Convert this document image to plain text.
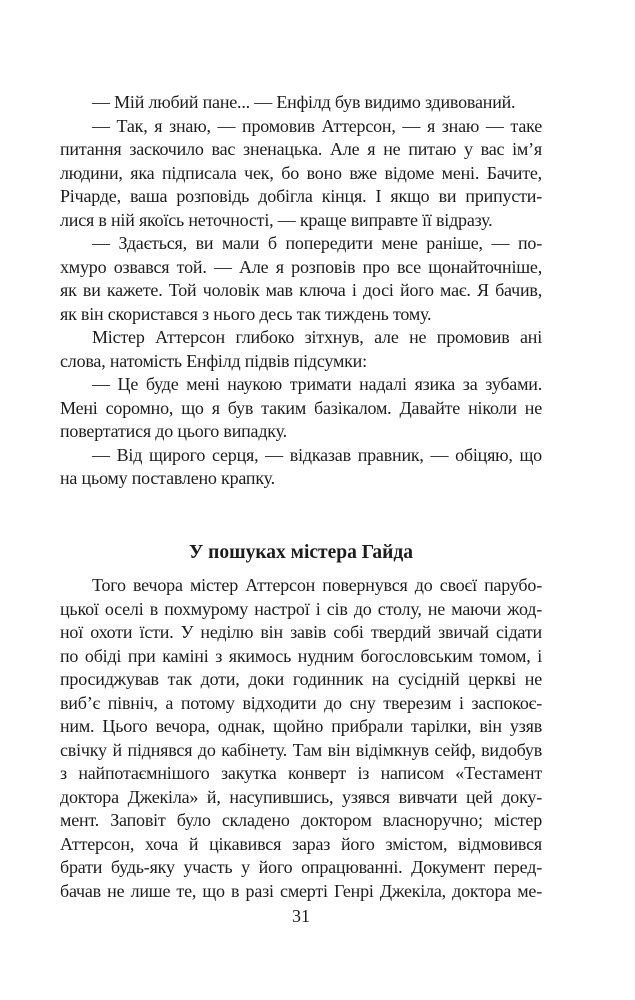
— Мій любий пане... — Енфілд був видимо здивований.
— Так, я знаю, — промовив Аттерсон, — я знаю — таке
питання заскочило вас зненацька. Але я не питаю у вас ім’я
людини, яка підписала чек, бо воно вже відоме мені. Бачите,
Річарде, ваша розповідь добігла кінця. І якщо ви припусти-
лися в ній якоїсь неточності, — краще виправте її відразу.
— Здається, ви мали б попередити мене раніше, — по-
хмуро озвався той. — Але я розповів про все щонайточніше,
як ви кажете. Той чоловік мав ключа і досі його має. Я бачив,
як він скористався з нього десь так тиждень тому.
Містер Аттерсон глибоко зітхнув, але не промовив ані
слова, натомість Енфілд підвів підсумки:
— Це буде мені наукою тримати надалі язика за зубами.
Мені соромно, що я був таким базікалом. Давайте ніколи не
повертатися до цього випадку.
— Від щирого серця, — відказав правник, — обіцяю, що
на цьому поставлено крапку.
У пошуках містера Гайда
Того вечора містер Аттерсон повернувся до своєї парубо-
цької оселі в похмурому настрої і сів до столу, не маючи жод-
ної охоти їсти. У неділю він завів собі твердий звичай сідати
по обіді при каміні з якимось нудним богословським томом, і
просиджував так доти, доки годинник на сусідній церкві не
виб’є північ, а потому відходити до сну тверезим і заспокоє-
ним. Цього вечора, однак, щойно прибрали тарілки, він узяв
свічку й піднявся до кабінету. Там він відімкнув сейф, видобув
з найпотаємнішого закутка конверт із написом «Тестамент
доктора Джекіла» й, насупившись, узявся вивчати цей доку-
мент. Заповіт було складено доктором власноручно; містер
Аттерсон, хоча й цікавився зараз його змістом, відмовився
брати будь-яку участь у його опрацюванні. Документ перед-
бачав не лише те, що в разі смерті Генрі Джекіла, доктора ме-
31
